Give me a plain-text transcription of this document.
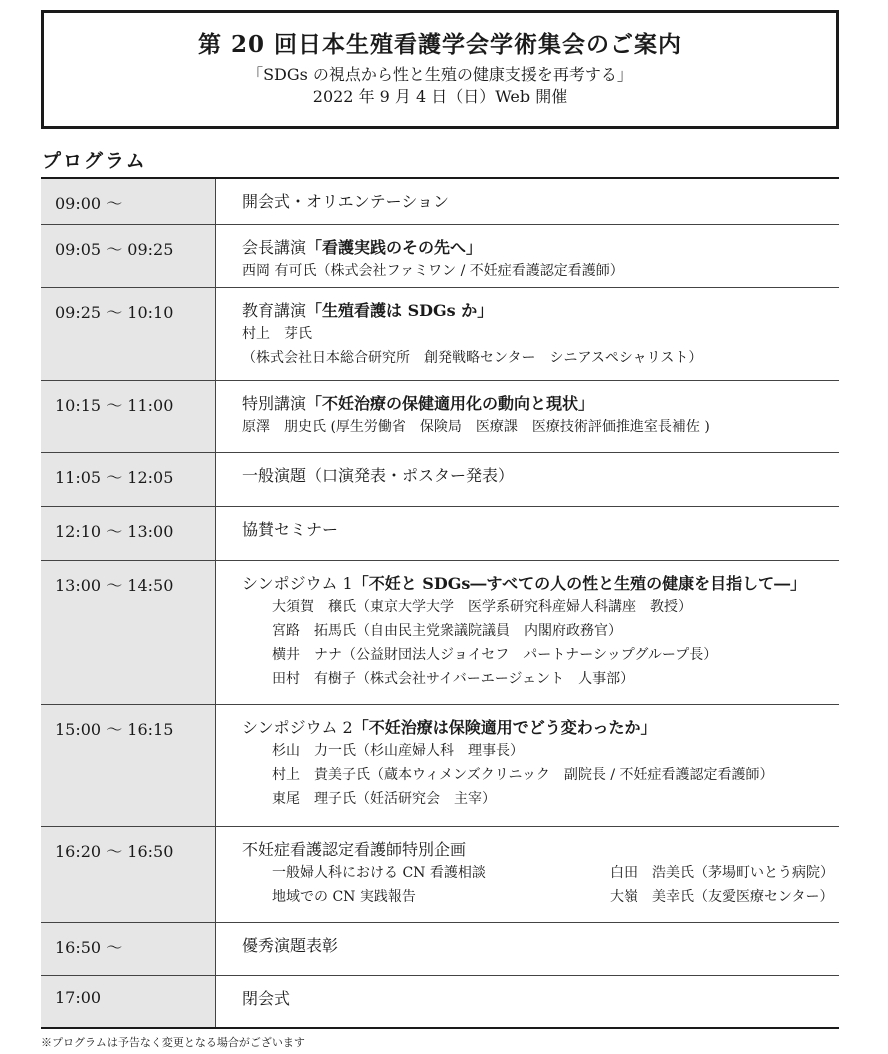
第 20 回日本生殖看護学会学術集会のご案内
「SDGs の視点から性と生殖の健康支援を再考する」
2022 年 9 月 4 日（日）Web 開催
プログラム
09:00 ～	開会式・オリエンテーション

09:05 ～ 09:25	会長講演「看護実践のその先へ」
西岡 有可氏（株式会社ファミワン / 不妊症看護認定看護師）

09:25 ～ 10:10	教育講演「生殖看護は SDGs か」
村上　芽氏
（株式会社日本総合研究所　創発戦略センター　シニアスペシャリスト）

10:15 ～ 11:00	特別講演「不妊治療の保健適用化の動向と現状」
原澤　朋史氏 (厚生労働省　保険局　医療課　医療技術評価推進室長補佐 )

11:05 ～ 12:05	一般演題（口演発表・ポスター発表）

12:10 ～ 13:00	協賛セミナー

13:00 ～ 14:50	シンポジウム 1「不妊と SDGs―すべての人の性と生殖の健康を目指して―」
大須賀　穣氏（東京大学大学　医学系研究科産婦人科講座　教授）
宮路　拓馬氏（自由民主党衆議院議員　内閣府政務官）
横井　ナナ（公益財団法人ジョイセフ　パートナーシップグループ長）
田村　有樹子（株式会社サイバーエージェント　人事部）

15:00 ～ 16:15	シンポジウム 2「不妊治療は保険適用でどう変わったか」
杉山　力一氏（杉山産婦人科　理事長）
村上　貴美子氏（蔵本ウィメンズクリニック　副院長 / 不妊症看護認定看護師）
東尾　理子氏（妊活研究会　主宰）

16:20 ～ 16:50	不妊症看護認定看護師特別企画
一般婦人科における CN 看護相談 白田　浩美氏（茅場町いとう病院）
地域での CN 実践報告 大嶺　美幸氏（友愛医療センター）

16:50 ～	優秀演題表彰

17:00	閉会式
※プログラムは予告なく変更となる場合がございます
